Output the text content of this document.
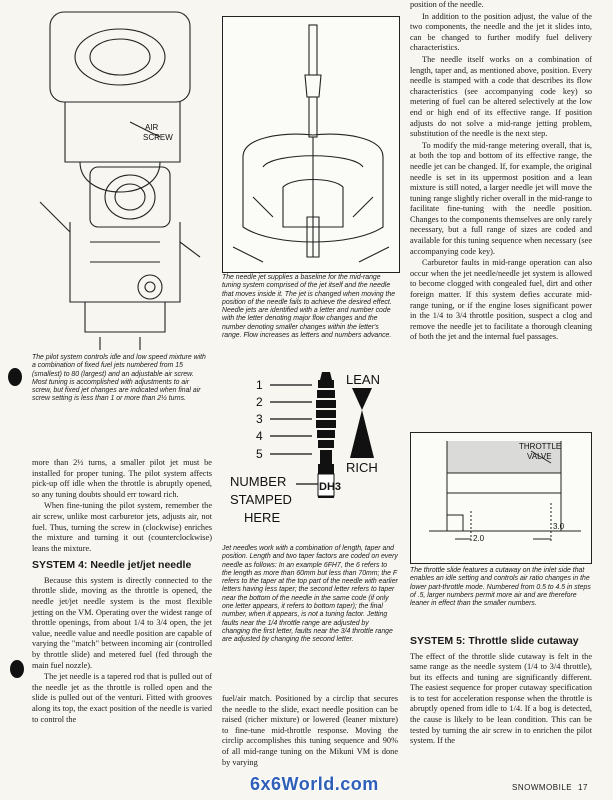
AIR
SCREW
The pilot system controls idle and low speed mixture with a combination of fixed fuel jets numbered from 15 (smallest) to 80 (largest) and an adjustable air screw. Most tuning is accomplished with adjustments to air screw, but fixed jet changes are indicated when final air screw setting is less than 1 or more than 2½ turns.

more than 2½ turns, a smaller pilot jet must be installed for proper tuning. The pilot system affects pick-up off idle when the throttle is abruptly opened, so any tuning doubts should err toward rich.

When fine-tuning the pilot system, remember the air screw, unlike most carburetor jets, adjusts air, not fuel. Thus, turning the screw in (clockwise) enriches the mixture and turning it out (counterclockwise) leans the mixture.

SYSTEM 4: Needle jet/jet needle

Because this system is directly connected to the throttle slide, moving as the throttle is opened, the needle jet/jet needle system is the most flexible jetting on the VM. Operating over the widest range of throttle openings, from about 1/4 to 3/4 open, the jet value, needle value and needle position are capable of varying the "match" between incoming air (controlled by throttle slide) and metered fuel (fed through the main fuel nozzle).

The jet needle is a tapered rod that is pulled out of the needle jet as the throttle is rolled open and the slide is pulled out of the venturi. Fitted with grooves along its top, the exact position of the needle is varied to control the

The needle jet supplies a baseline for the mid-range tuning system comprised of the jet itself and the needle that moves inside it. The jet is changed when moving the position of the needle fails to achieve the desired effect. Needle jets are identified with a letter and number code with the letter denoting major flow changes and the number denoting smaller changes within the letter's range. Flow increases as letters and numbers advance.
DH3
1
2
3
4
5
LEAN
RICH
NUMBER
STAMPED
HERE
Jet needles work with a combination of length, taper and position. Length and two taper factors are coded on every needle as follows: In an example 6FH7, the 6 refers to the length as more than 60mm but less than 70mm; the F refers to the taper at the top part of the needle with earlier letters having less taper; the second letter refers to taper near the bottom of the needle in the same code (if only one letter appears, it refers to bottom taper); the final number, when it appears, is not a tuning factor. Jetting faults near the 1/4 throttle range are adjusted by changing the first letter, faults near the 3/4 throttle range are adjusted by changing the second letter.

fuel/air match. Positioned by a circlip that secures the needle to the slide, exact needle position can be raised (richer mixture) or lowered (leaner mixture) to fine-tune mid-throttle response. Moving the circlip accomplishes this tuning sequence and 90% of all mid-range tuning on the Mikuni VM is done by varying

position of the needle.

In addition to the position adjust, the value of the two components, the needle and the jet it slides into, can be changed to further modify fuel delivery characteristics.

The needle itself works on a combination of length, taper and, as mentioned above, position. Every needle is stamped with a code that describes its flow characteristics (see accompanying code key) so metering of fuel can be altered selectively at the low end or high end of its effective range. If position adjusts do not solve a mid-range jetting problem, substitution of the needle is the next step.

To modify the mid-range metering overall, that is, at both the top and bottom of its effective range, the needle jet can be changed. If, for example, the original needle is set in its uppermost position and a lean mixture is still noted, a larger needle jet will move the tuning range slightly richer overall in the mid-range to facilitate fine-tuning with the needle position. Changes to the components themselves are only rarely necessary, but a full range of sizes are coded and available for this tuning sequence when necessary (see accompanying code key).

Carburetor faults in mid-range operation can also occur when the jet needle/needle jet system is allowed to become clogged with congealed fuel, dirt and other foreign matter. If this system defies accurate mid-range tuning, or if the engine loses significant power in the 1/4 to 3/4 throttle position, suspect a clog and remove the needle jet to facilitate a thorough cleaning of both the jet and the internal fuel passages.

THROTTLE
VALVE
2.0
3.0
The throttle slide features a cutaway on the inlet side that enables an idle setting and controls air ratio changes in the lower part-throttle mode. Numbered from 0.5 to 4.5 in steps of .5, larger numbers permit more air and are therefore leaner in effect than the smaller numbers.
SYSTEM 5: Throttle slide cutaway

The effect of the throttle slide cutaway is felt in the same range as the needle system (1/4 to 3/4 throttle), but its effects and tuning are significantly different. The easiest sequence for proper cutaway specification is to test for acceleration response when the throttle is abruptly opened from idle to 1/4. If a bog is detected, the cause is likely to be lean condition. This can be tested by turning the air screw in to enrichen the pilot system. If the

6x6World.com	SNOWMOBILE 17
